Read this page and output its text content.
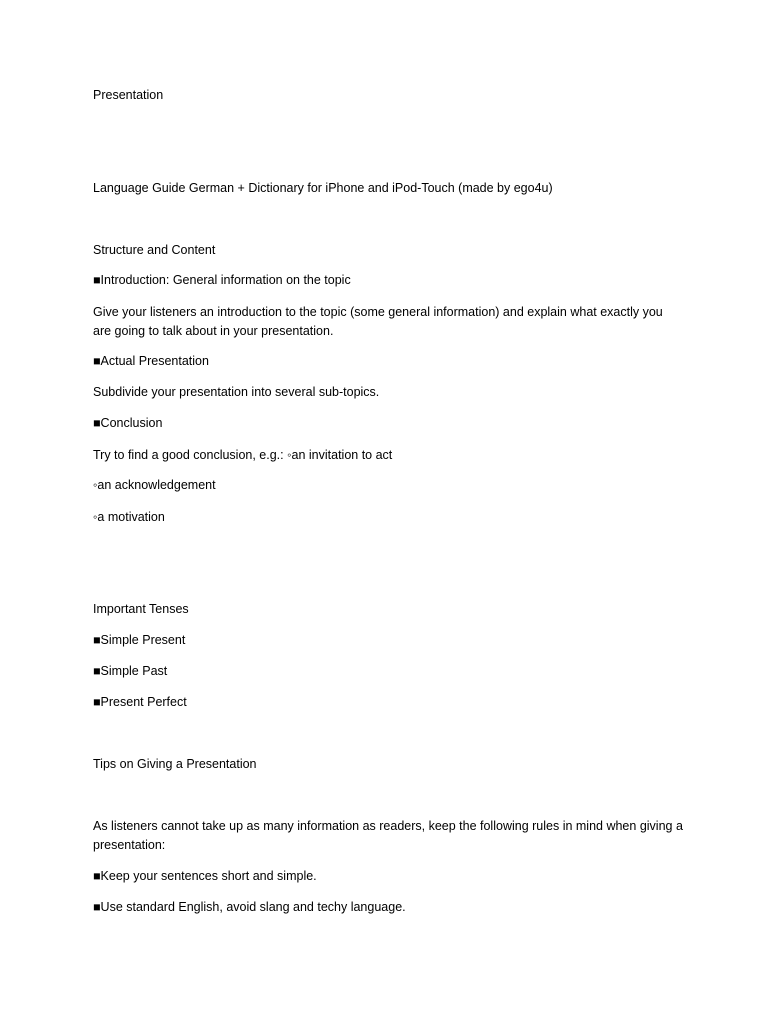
Presentation
Language Guide German + Dictionary for iPhone and iPod-Touch (made by ego4u)
Structure and Content
■Introduction: General information on the topic
Give your listeners an introduction to the topic (some general information) and explain what exactly you are going to talk about in your presentation.
■Actual Presentation
Subdivide your presentation into several sub-topics.
■Conclusion
Try to find a good conclusion, e.g.: ◦an invitation to act
◦an acknowledgement
◦a motivation
Important Tenses
■Simple Present
■Simple Past
■Present Perfect
Tips on Giving a Presentation
As listeners cannot take up as many information as readers, keep the following rules in mind when giving a presentation:
■Keep your sentences short and simple.
■Use standard English, avoid slang and techy language.
